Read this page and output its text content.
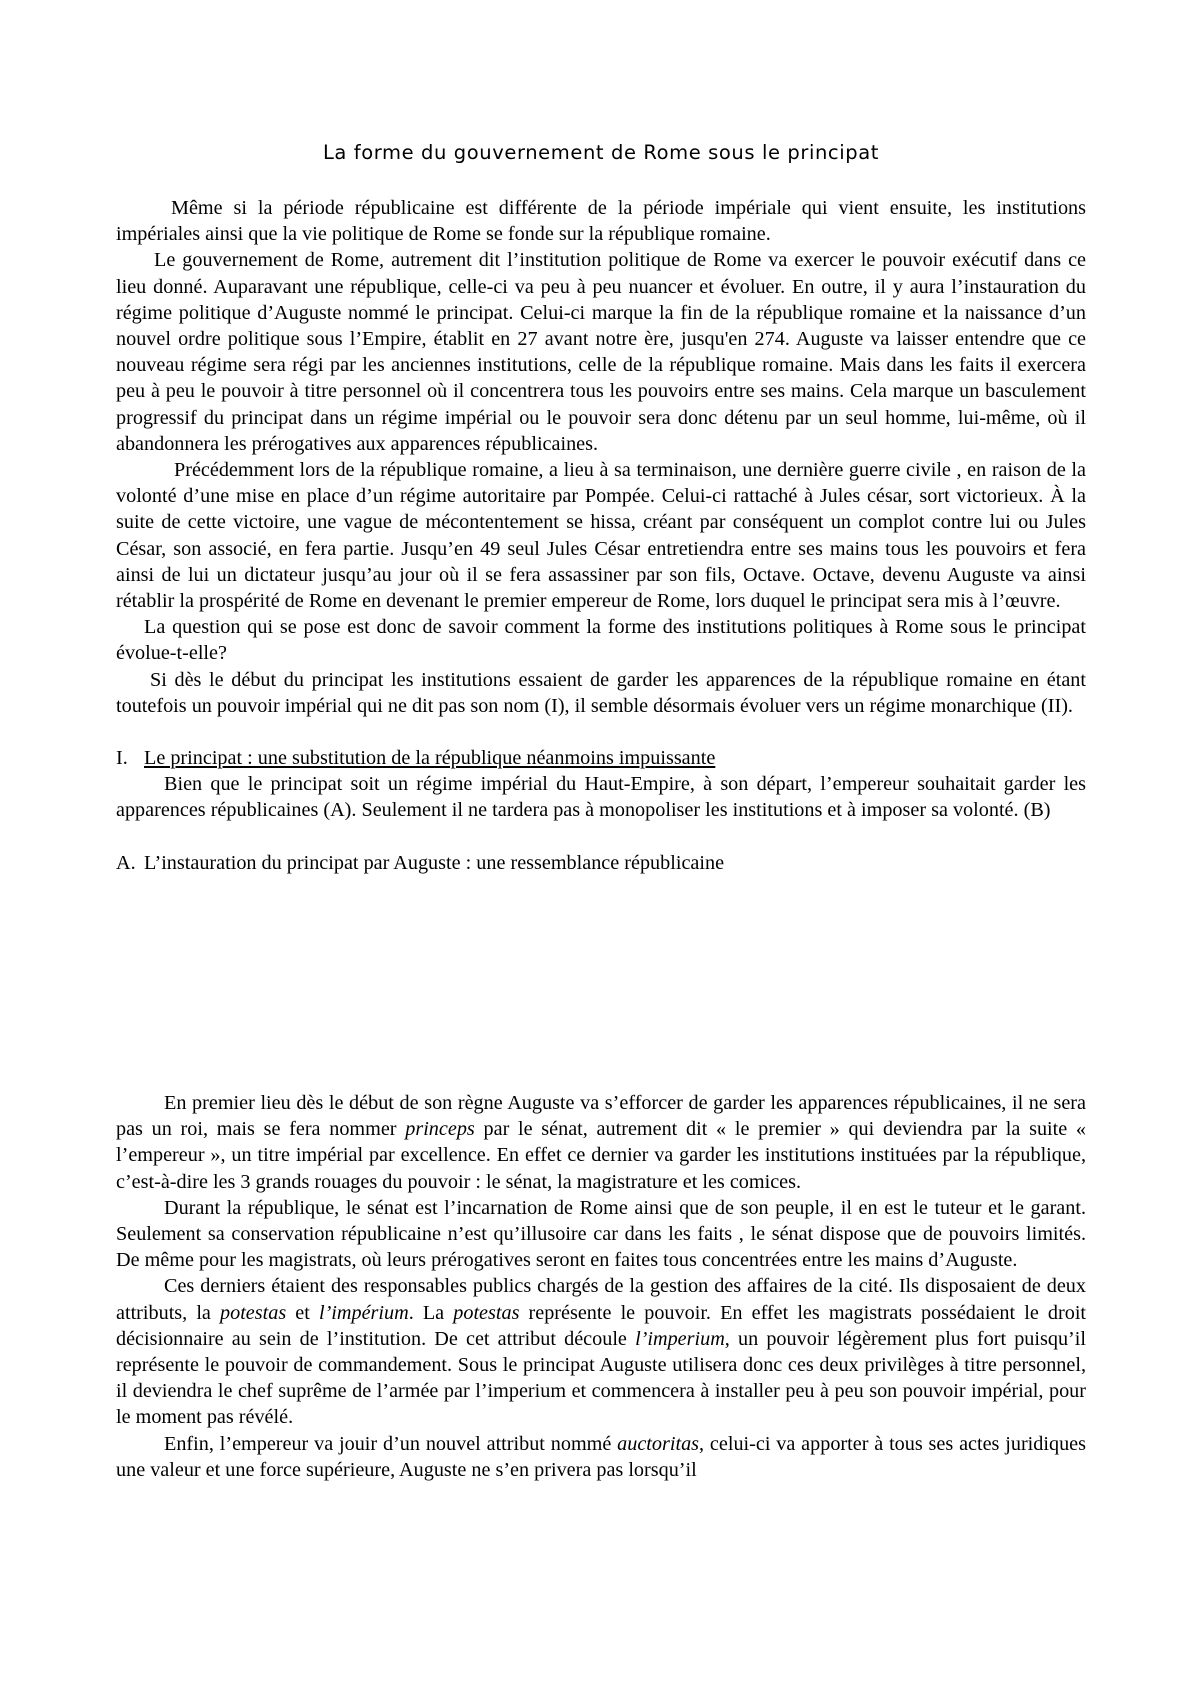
La forme du gouvernement de Rome sous le principat

Même si la période républicaine est différente de la période impériale qui vient ensuite, les institutions impériales ainsi que la vie politique de Rome se fonde sur la république romaine.

Le gouvernement de Rome, autrement dit l’institution politique de Rome va exercer le pouvoir exécutif dans ce lieu donné. Auparavant une république, celle-ci va peu à peu nuancer et évoluer. En outre, il y aura l’instauration du régime politique d’Auguste nommé le principat. Celui-ci marque la fin de la république romaine et la naissance d’un nouvel ordre politique sous l’Empire, établit en 27 avant notre ère, jusqu'en 274. Auguste va laisser entendre que ce nouveau régime sera régi par les anciennes institutions, celle de la république romaine. Mais dans les faits il exercera peu à peu le pouvoir à titre personnel où il concentrera tous les pouvoirs entre ses mains. Cela marque un basculement progressif du principat dans un régime impérial ou le pouvoir sera donc détenu par un seul homme, lui-même, où il abandonnera les prérogatives aux apparences républicaines.

Précédemment lors de la république romaine, a lieu à sa terminaison, une dernière guerre civile , en raison de la volonté d’une mise en place d’un régime autoritaire par Pompée. Celui-ci rattaché à Jules césar, sort victorieux. À la suite de cette victoire, une vague de mécontentement se hissa, créant par conséquent un complot contre lui ou Jules César, son associé, en fera partie. Jusqu’en 49 seul Jules César entretiendra entre ses mains tous les pouvoirs et fera ainsi de lui un dictateur jusqu’au jour où il se fera assassiner par son fils, Octave. Octave, devenu Auguste va ainsi rétablir la prospérité de Rome en devenant le premier empereur de Rome, lors duquel le principat sera mis à l’œuvre.

La question qui se pose est donc de savoir comment la forme des institutions politiques à Rome sous le principat évolue-t-elle?

Si dès le début du principat les institutions essaient de garder les apparences de la république romaine en étant toutefois un pouvoir impérial qui ne dit pas son nom (I), il semble désormais évoluer vers un régime monarchique (II).

I. Le principat : une substitution de la république néanmoins impuissante

Bien que le principat soit un régime impérial du Haut-Empire, à son départ, l’empereur souhaitait garder les apparences républicaines (A). Seulement il ne tardera pas à monopoliser les institutions et à imposer sa volonté. (B)

A. L’instauration du principat par Auguste : une ressemblance républicaine

En premier lieu dès le début de son règne Auguste va s’efforcer de garder les apparences républicaines, il ne sera pas un roi, mais se fera nommer princeps par le sénat, autrement dit « le premier » qui deviendra par la suite « l’empereur », un titre impérial par excellence. En effet ce dernier va garder les institutions instituées par la république, c’est-à-dire les 3 grands rouages du pouvoir : le sénat, la magistrature et les comices.

Durant la république, le sénat est l’incarnation de Rome ainsi que de son peuple, il en est le tuteur et le garant. Seulement sa conservation républicaine n’est qu’illusoire car dans les faits , le sénat dispose que de pouvoirs limités. De même pour les magistrats, où leurs prérogatives seront en faites tous concentrées entre les mains d’Auguste.

Ces derniers étaient des responsables publics chargés de la gestion des affaires de la cité. Ils disposaient de deux attributs, la potestas et l’impérium. La potestas représente le pouvoir. En effet les magistrats possédaient le droit décisionnaire au sein de l’institution. De cet attribut découle l’imperium, un pouvoir légèrement plus fort puisqu’il représente le pouvoir de commandement. Sous le principat Auguste utilisera donc ces deux privilèges à titre personnel, il deviendra le chef suprême de l’armée par l’imperium et commencera à installer peu à peu son pouvoir impérial, pour le moment pas révélé.

Enfin, l’empereur va jouir d’un nouvel attribut nommé auctoritas, celui-ci va apporter à tous ses actes juridiques une valeur et une force supérieure, Auguste ne s’en privera pas lorsqu’il
